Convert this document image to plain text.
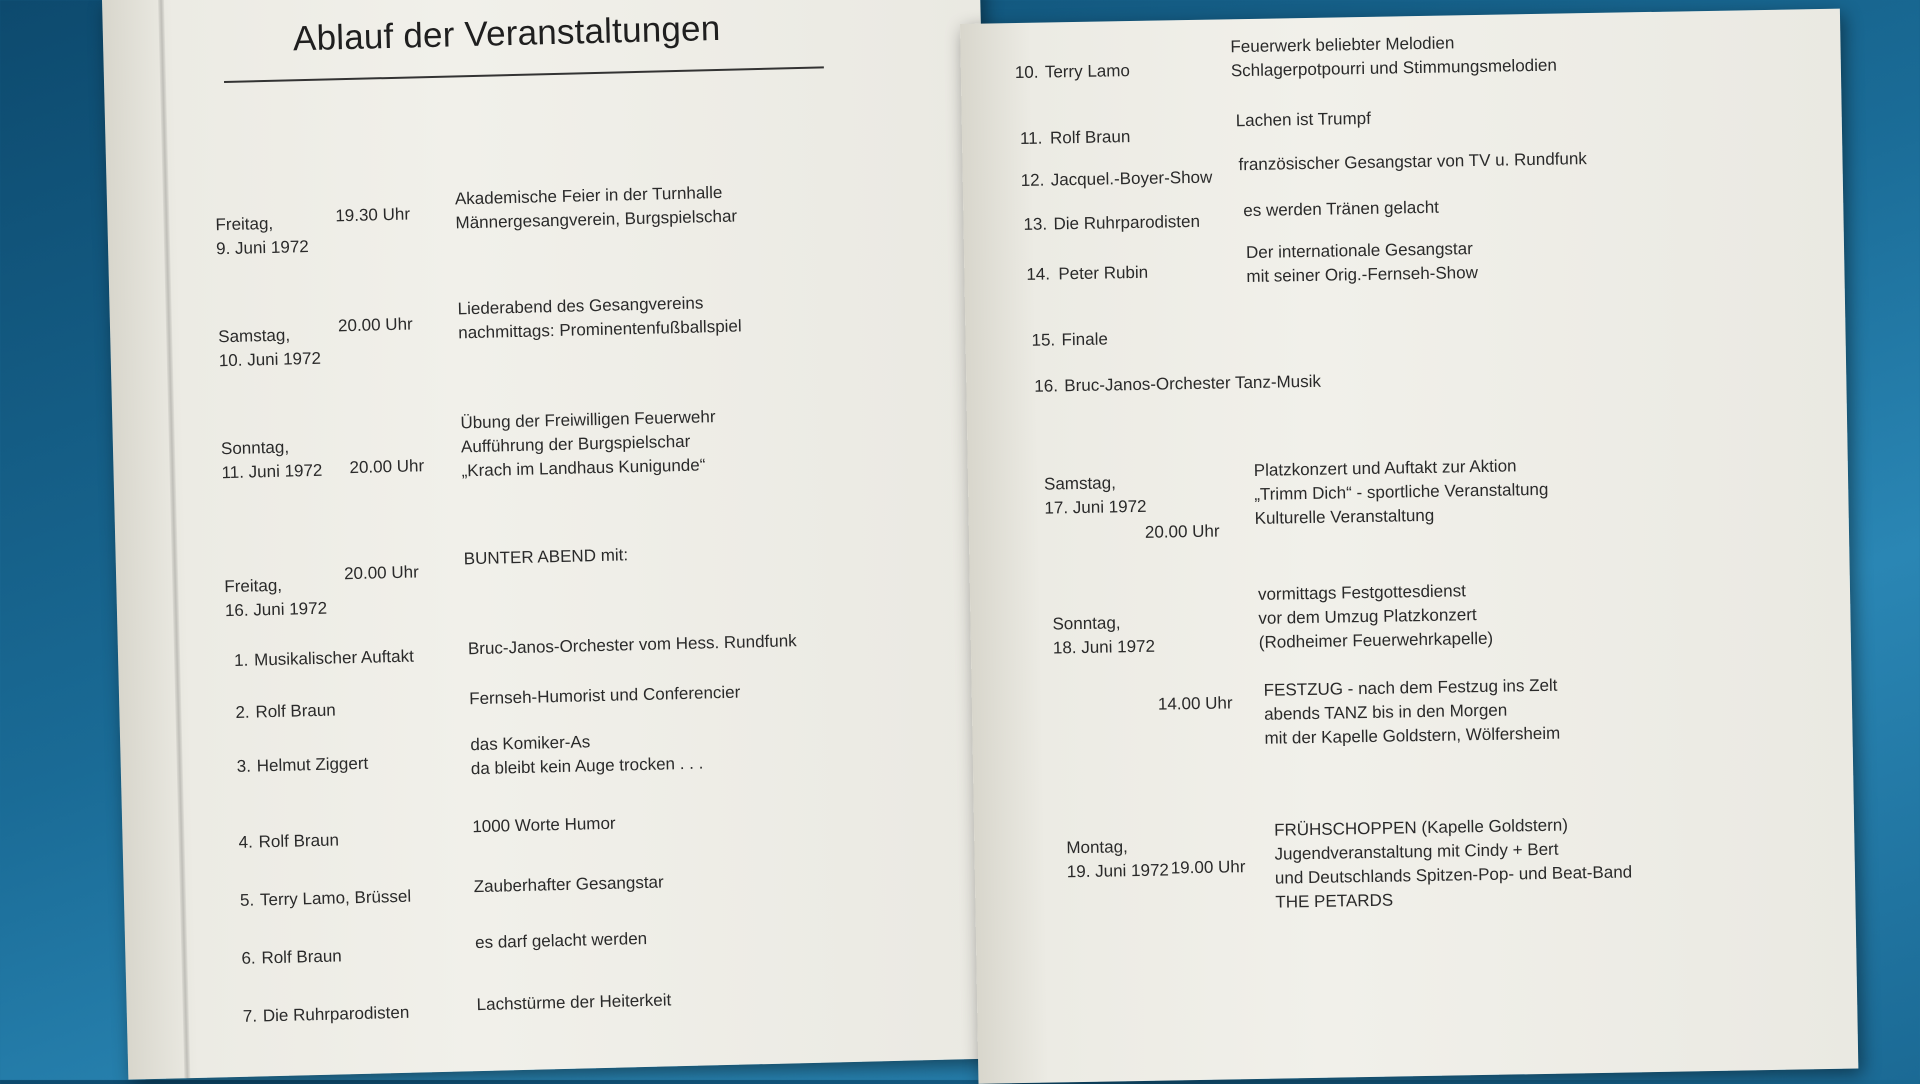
Ablauf der Veranstaltungen
Freitag,
9. Juni 1972
19.30 Uhr
Akademische Feier in der Turnhalle
Männergesangverein, Burgspielschar
Samstag,
10. Juni 1972
20.00 Uhr
Liederabend des Gesangvereins
nachmittags: Prominentenfußballspiel
Sonntag,
11. Juni 1972 20.00 Uhr
Übung der Freiwilligen Feuerwehr
Aufführung der Burgspielschar
„Krach im Landhaus Kunigunde“
Freitag,
16. Juni 1972
20.00 Uhr
BUNTER ABEND mit:
1. Musikalischer Auftakt	Bruc-Janos-Orchester vom Hess. Rundfunk
2. Rolf Braun
Fernseh-Humorist und Conferencier
3. Helmut Ziggert
das Komiker-As
da bleibt kein Auge trocken . . .
4. Rolf Braun
1000 Worte Humor
5. Terry Lamo, Brüssel
Zauberhafter Gesangstar
6. Rolf Braun
es darf gelacht werden
7. Die Ruhrparodisten	Lachstürme der Heiterkeit
10. Terry Lamo
Feuerwerk beliebter Melodien
Schlagerpotpourri und Stimmungsmelodien
11. Rolf Braun
Lachen ist Trumpf
12. Jacquel.-Boyer-Show
französischer Gesangstar von TV u. Rundfunk
13. Die Ruhrparodisten
es werden Tränen gelacht
14. Peter Rubin
Der internationale Gesangstar
mit seiner Orig.-Fernseh-Show
15. Finale
16. Bruc-Janos-Orchester Tanz-Musik
Samstag,
17. Juni 1972
20.00 Uhr
Platzkonzert und Auftakt zur Aktion
„Trimm Dich“ - sportliche Veranstaltung
Kulturelle Veranstaltung
Sonntag,
18. Juni 1972
vormittags Festgottesdienst
vor dem Umzug Platzkonzert
(Rodheimer Feuerwehrkapelle)
14.00 Uhr
FESTZUG - nach dem Festzug ins Zelt
abends TANZ bis in den Morgen
mit der Kapelle Goldstern, Wölfersheim
Montag,
19. Juni 1972 19.00 Uhr
FRÜHSCHOPPEN (Kapelle Goldstern)
Jugendveranstaltung mit Cindy + Bert
und Deutschlands Spitzen-Pop- und Beat-Band
THE PETARDS
